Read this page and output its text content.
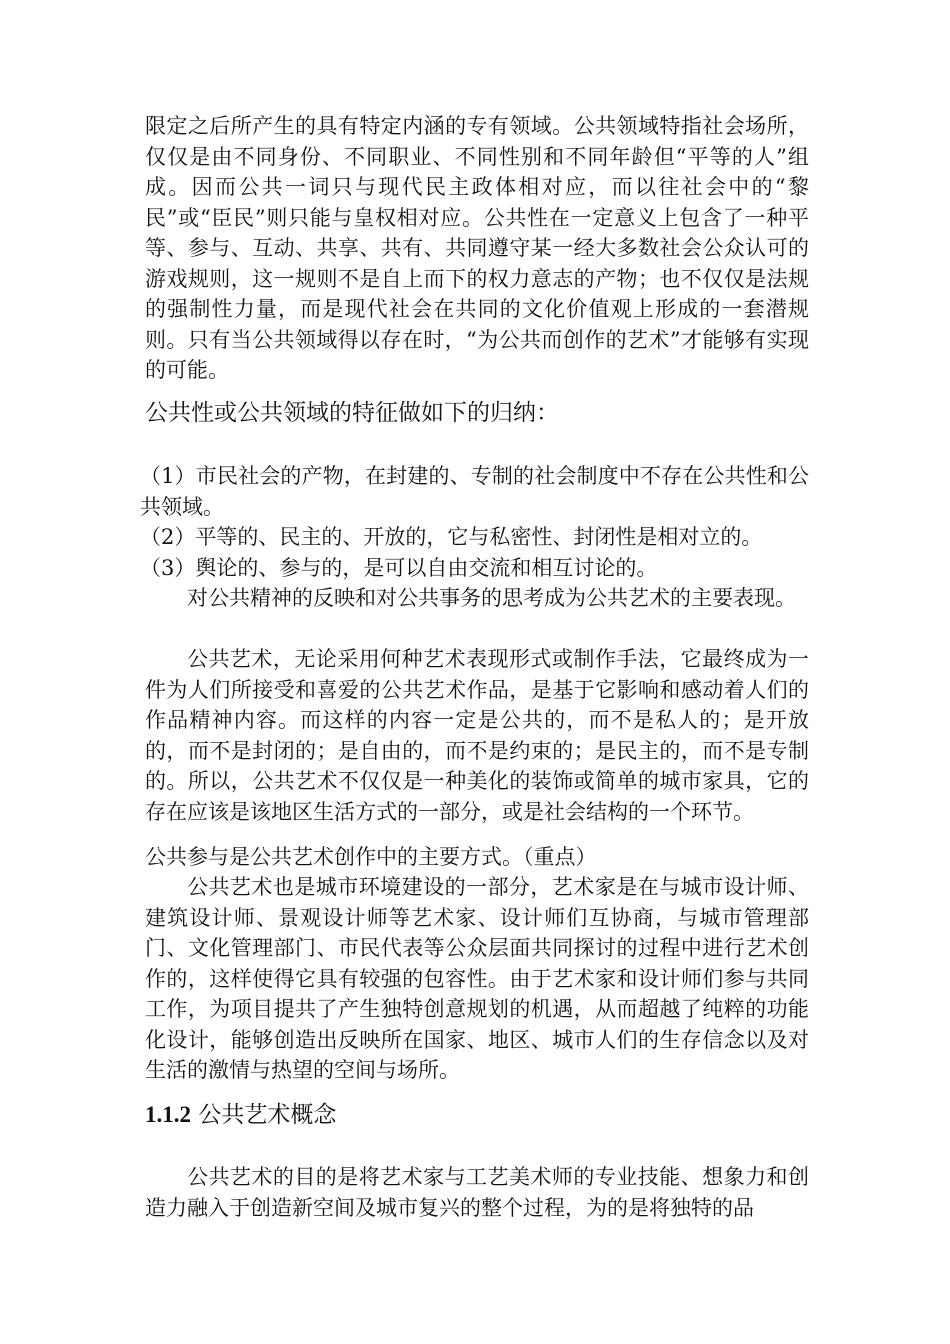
限定之后所产生的具有特定内涵的专有领域。公共领域特指社会场所，仅仅是由不同身份、不同职业、不同性别和不同年龄但“平等的人”组成。因而公共一词只与现代民主政体相对应，而以往社会中的“黎民”或“臣民”则只能与皇权相对应。公共性在一定意义上包含了一种平等、参与、互动、共享、共有、共同遵守某一经大多数社会公众认可的游戏规则，这一规则不是自上而下的权力意志的产物；也不仅仅是法规的强制性力量，而是现代社会在共同的文化价值观上形成的一套潜规则。只有当公共领域得以存在时，“为公共而创作的艺术”才能够有实现的可能。

公共性或公共领域的特征做如下的归纳：

（1）市民社会的产物，在封建的、专制的社会制度中不存在公共性和公共领域。

（2）平等的、民主的、开放的，它与私密性、封闭性是相对立的。

（3）舆论的、参与的，是可以自由交流和相互讨论的。

对公共精神的反映和对公共事务的思考成为公共艺术的主要表现。

公共艺术，无论采用何种艺术表现形式或制作手法，它最终成为一件为人们所接受和喜爱的公共艺术作品，是基于它影响和感动着人们的作品精神内容。而这样的内容一定是公共的，而不是私人的；是开放的，而不是封闭的；是自由的，而不是约束的；是民主的，而不是专制的。所以，公共艺术不仅仅是一种美化的装饰或简单的城市家具，它的存在应该是该地区生活方式的一部分，或是社会结构的一个环节。

公共参与是公共艺术创作中的主要方式。（重点）

公共艺术也是城市环境建设的一部分，艺术家是在与城市设计师、建筑设计师、景观设计师等艺术家、设计师们互协商，与城市管理部门、文化管理部门、市民代表等公众层面共同探讨的过程中进行艺术创作的，这样使得它具有较强的包容性。由于艺术家和设计师们参与共同工作，为项目提共了产生独特创意规划的机遇，从而超越了纯粹的功能化设计，能够创造出反映所在国家、地区、城市人们的生存信念以及对生活的激情与热望的空间与场所。

1.1.2 公共艺术概念

公共艺术的目的是将艺术家与工艺美术师的专业技能、想象力和创造力融入于创造新空间及城市复兴的整个过程，为的是将独特的品
